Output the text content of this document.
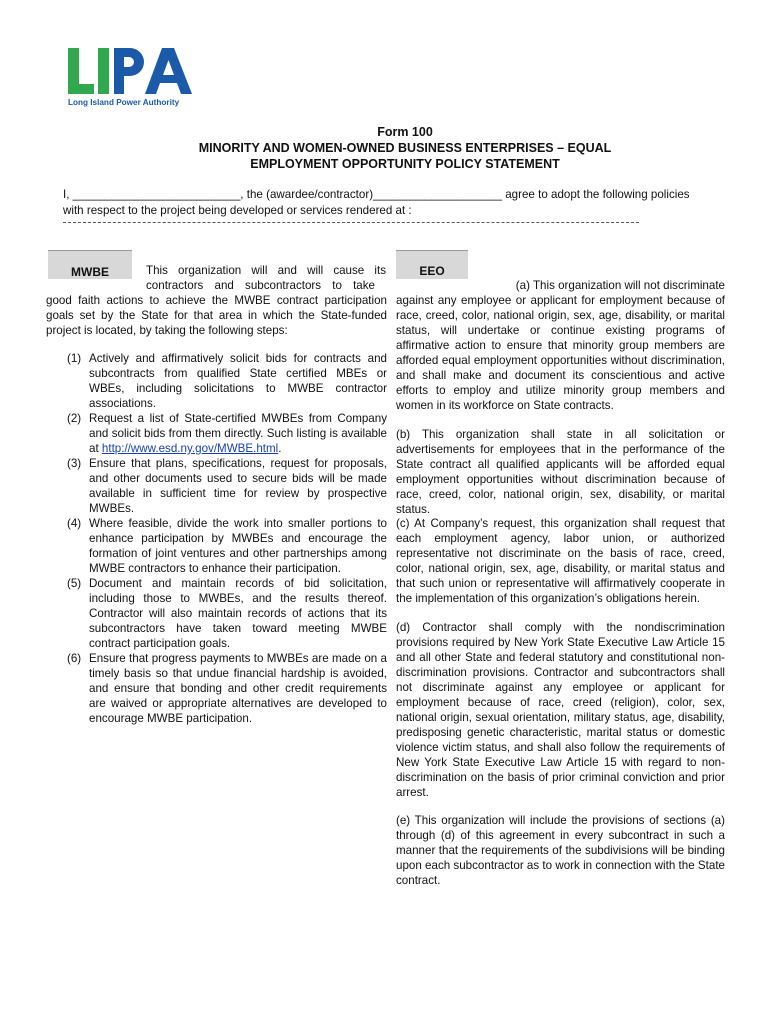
Long Island Power Authority
Form 100
MINORITY AND WOMEN-OWNED BUSINESS ENTERPRISES – EQUAL
EMPLOYMENT OPPORTUNITY POLICY STATEMENT
I, __________________________, the (awardee/contractor)____________________ agree to adopt the following policies
with respect to the project being developed or services rendered at :
MWBE	This organization will and will cause its
contractors and subcontractors to take
good faith actions to achieve the MWBE contract participation goals set by the State for that area in which the State-funded project is located, by taking the following steps:
(1) Actively and affirmatively solicit bids for contracts and subcontracts from qualified State certified MBEs or WBEs, including solicitations to MWBE contractor associations.
(2) Request a list of State-certified MWBEs from Company and solicit bids from them directly. Such listing is available at http://www.esd.ny.gov/MWBE.html.
(3) Ensure that plans, specifications, request for proposals, and other documents used to secure bids will be made available in sufficient time for review by prospective MWBEs.
(4) Where feasible, divide the work into smaller portions to enhance participation by MWBEs and encourage the formation of joint ventures and other partnerships among MWBE contractors to enhance their participation.
(5) Document and maintain records of bid solicitation, including those to MWBEs, and the results thereof. Contractor will also maintain records of actions that its subcontractors have taken toward meeting MWBE contract participation goals.
(6) Ensure that progress payments to MWBEs are made on a timely basis so that undue financial hardship is avoided, and ensure that bonding and other credit requirements are waived or appropriate alternatives are developed to encourage MWBE participation.
EEO
(a) This organization will not discriminate
against any employee or applicant for employment because of race, creed, color, national origin, sex, age, disability, or marital status, will undertake or continue existing programs of affirmative action to ensure that minority group members are afforded equal employment opportunities without discrimination, and shall make and document its conscientious and active efforts to employ and utilize minority group members and women in its workforce on State contracts.
(b) This organization shall state in all solicitation or advertisements for employees that in the performance of the State contract all qualified applicants will be afforded equal employment opportunities without discrimination because of race, creed, color, national origin, sex, disability, or marital status.
(c) At Company’s request, this organization shall request that each employment agency, labor union, or authorized representative not discriminate on the basis of race, creed, color, national origin, sex, age, disability, or marital status and that such union or representative will affirmatively cooperate in the implementation of this organization’s obligations herein.
(d) Contractor shall comply with the nondiscrimination provisions required by New York State Executive Law Article 15 and all other State and federal statutory and constitutional non-discrimination provisions. Contractor and subcontractors shall not discriminate against any employee or applicant for employment because of race, creed (religion), color, sex, national origin, sexual orientation, military status, age, disability, predisposing genetic characteristic, marital status or domestic violence victim status, and shall also follow the requirements of New York State Executive Law Article 15 with regard to non-discrimination on the basis of prior criminal conviction and prior arrest.
(e) This organization will include the provisions of sections (a) through (d) of this agreement in every subcontract in such a manner that the requirements of the subdivisions will be binding upon each subcontractor as to work in connection with the State contract.
